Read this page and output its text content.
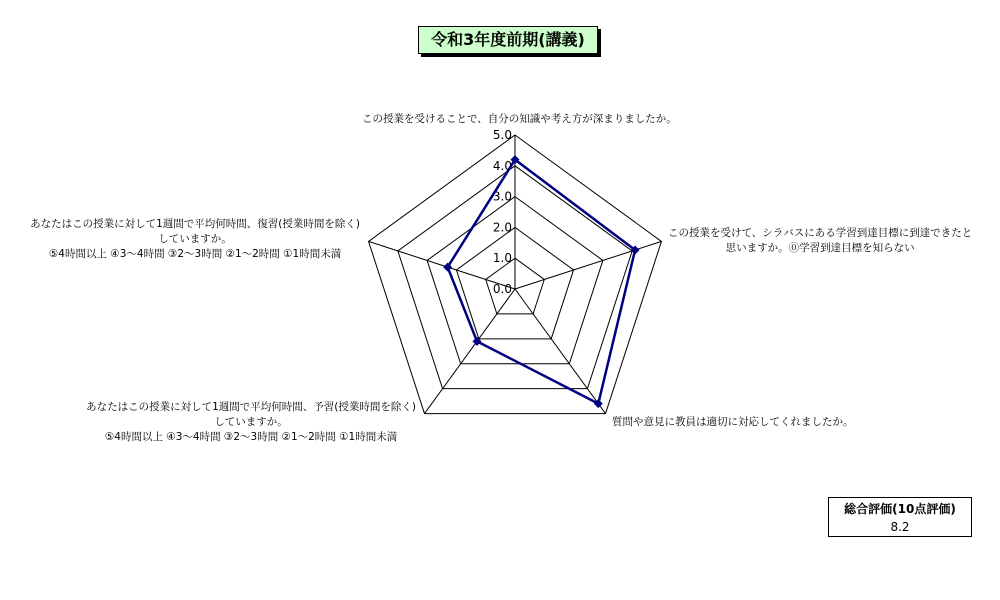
令和3年度前期(講義)
0.0
1.0
2.0
3.0
4.0
5.0
この授業を受けることで、自分の知識や考え方が深まりましたか。
この授業を受けて、シラバスにある学習到達目標に到達できたと
思いますか。⓪学習到達目標を知らない
質問や意見に教員は適切に対応してくれましたか。
あなたはこの授業に対して1週間で平均何時間、予習(授業時間を除く)
していますか。
⑤4時間以上 ④3～4時間 ③2～3時間 ②1～2時間 ①1時間未満
あなたはこの授業に対して1週間で平均何時間、復習(授業時間を除く)
していますか。
⑤4時間以上 ④3～4時間 ③2～3時間 ②1～2時間 ①1時間未満
総合評価(10点評価)
8.2
